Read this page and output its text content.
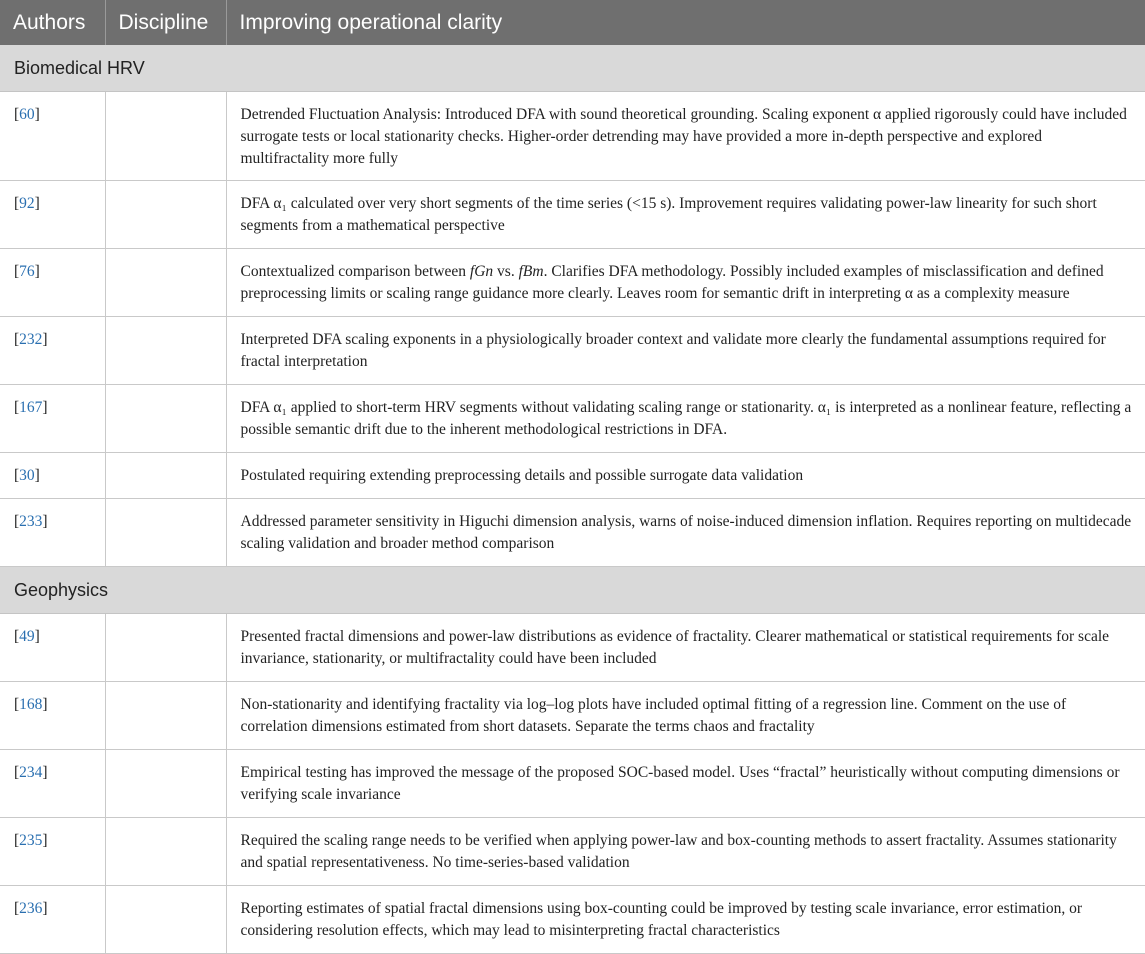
Authors	Discipline	Improving operational clarity
Biomedical HRV		
[60]		Detrended Fluctuation Analysis: Introduced DFA with sound theoretical grounding. Scaling exponent α applied rigorously could have included surrogate tests or local stationarity checks. Higher-order detrending may have provided a more in-depth perspective and explored multifractality more fully
[92]		DFA α₁ calculated over very short segments of the time series (<15 s). Improvement requires validating power-law linearity for such short segments from a mathematical perspective
[76]		Contextualized comparison between fGn vs. fBm. Clarifies DFA methodology. Possibly included examples of misclassification and defined preprocessing limits or scaling range guidance more clearly. Leaves room for semantic drift in interpreting α as a complexity measure
[232]		Interpreted DFA scaling exponents in a physiologically broader context and validate more clearly the fundamental assumptions required for fractal interpretation
[167]		DFA α₁ applied to short-term HRV segments without validating scaling range or stationarity. α₁ is interpreted as a nonlinear feature, reflecting a possible semantic drift due to the inherent methodological restrictions in DFA.
[30]		Postulated requiring extending preprocessing details and possible surrogate data validation
[233]		Addressed parameter sensitivity in Higuchi dimension analysis, warns of noise-induced dimension inflation. Requires reporting on multidecade scaling validation and broader method comparison
Geophysics		
[49]		Presented fractal dimensions and power-law distributions as evidence of fractality. Clearer mathematical or statistical requirements for scale invariance, stationarity, or multifractality could have been included
[168]		Non-stationarity and identifying fractality via log–log plots have included optimal fitting of a regression line. Comment on the use of correlation dimensions estimated from short datasets. Separate the terms chaos and fractality
[234]		Empirical testing has improved the message of the proposed SOC-based model. Uses “fractal” heuristically without computing dimensions or verifying scale invariance
[235]		Required the scaling range needs to be verified when applying power-law and box-counting methods to assert fractality. Assumes stationarity and spatial representativeness. No time-series-based validation
[236]		Reporting estimates of spatial fractal dimensions using box-counting could be improved by testing scale invariance, error estimation, or considering resolution effects, which may lead to misinterpreting fractal characteristics
